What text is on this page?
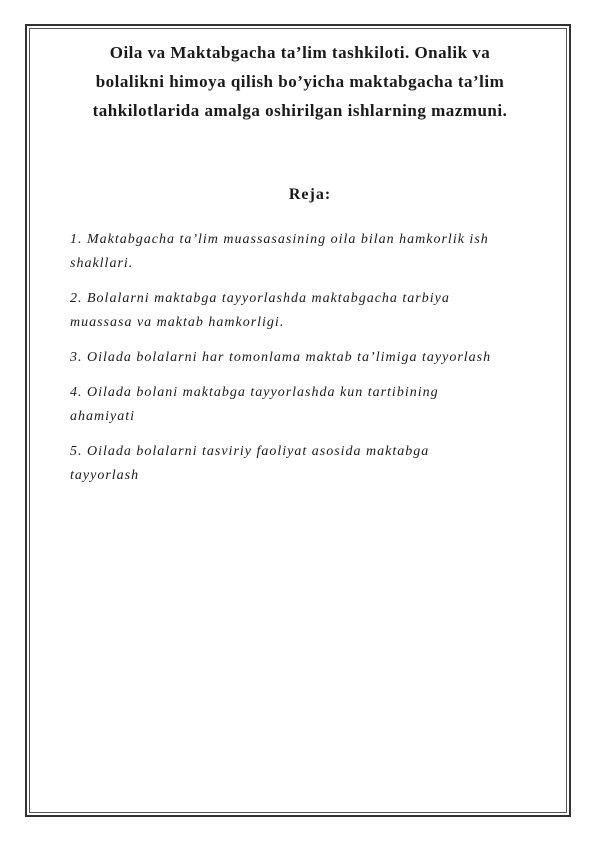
Oila va Maktabgacha ta’lim tashkiloti. Onalik va
bolalikni himoya qilish bo’yicha maktabgacha ta’lim
tahkilotlarida amalga oshirilgan ishlarning mazmuni.
Reja:
1. Maktabgacha ta’lim muassasasining oila bilan hamkorlik ish
shakllari.
2. Bolalarni maktabga tayyorlashda maktabgacha tarbiya
muassasa va maktab hamkorligi.
3. Oilada bolalarni har tomonlama maktab ta’limiga tayyorlash
4. Oilada bolani maktabga tayyorlashda kun tartibining
ahamiyati
5. Oilada bolalarni tasviriy faoliyat asosida maktabga
tayyorlash
